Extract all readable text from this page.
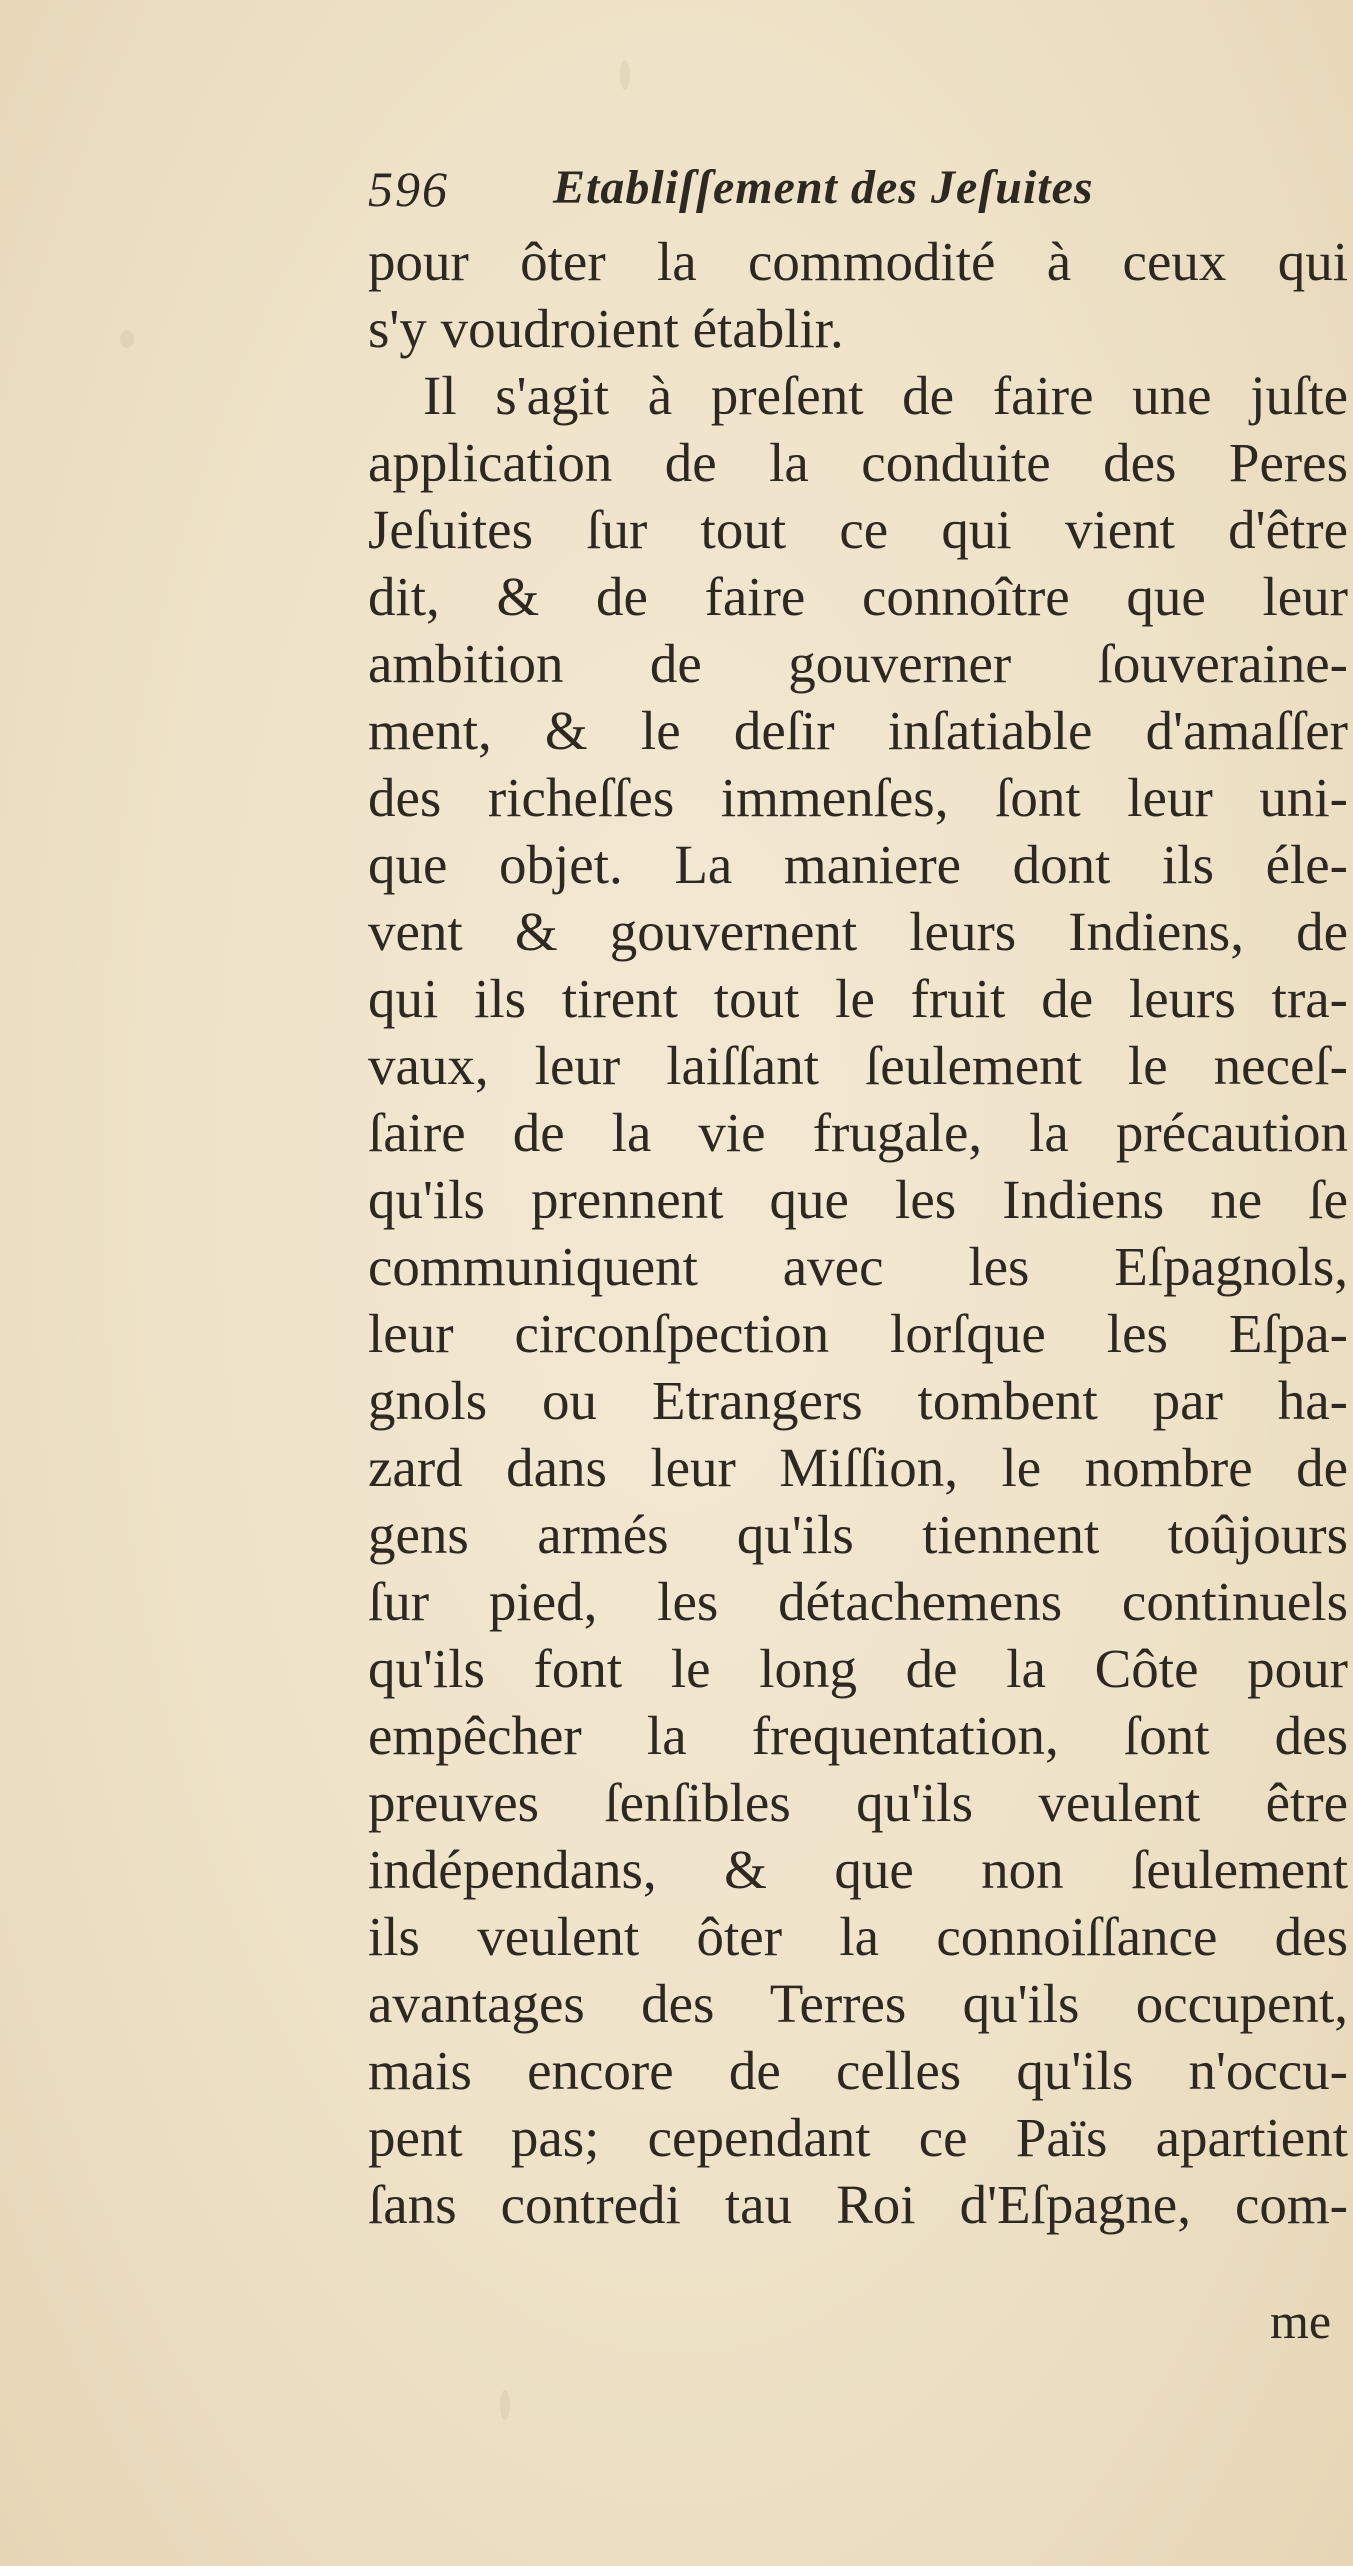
596 Etabliſſement des Jeſuites
pour ôter la commodité à ceux qui
s'y voudroient établir.
Il s'agit à preſent de faire une juſte
application de la conduite des Peres
Jeſuites ſur tout ce qui vient d'être
dit, & de faire connoître que leur
ambition de gouverner ſouveraine-
ment, & le deſir inſatiable d'amaſſer
des richeſſes immenſes, ſont leur uni-
que objet. La maniere dont ils éle-
vent & gouvernent leurs Indiens, de
qui ils tirent tout le fruit de leurs tra-
vaux, leur laiſſant ſeulement le neceſ-
ſaire de la vie frugale, la précaution
qu'ils prennent que les Indiens ne ſe
communiquent avec les Eſpagnols,
leur circonſpection lorſque les Eſpa-
gnols ou Etrangers tombent par ha-
zard dans leur Miſſion, le nombre de
gens armés qu'ils tiennent toûjours
ſur pied, les détachemens continuels
qu'ils font le long de la Côte pour
empêcher la frequentation, ſont des
preuves ſenſibles qu'ils veulent être
indépendans, & que non ſeulement
ils veulent ôter la connoiſſance des
avantages des Terres qu'ils occupent,
mais encore de celles qu'ils n'occu-
pent pas; cependant ce Païs apartient
ſans contredi tau Roi d'Eſpagne, com-
me
